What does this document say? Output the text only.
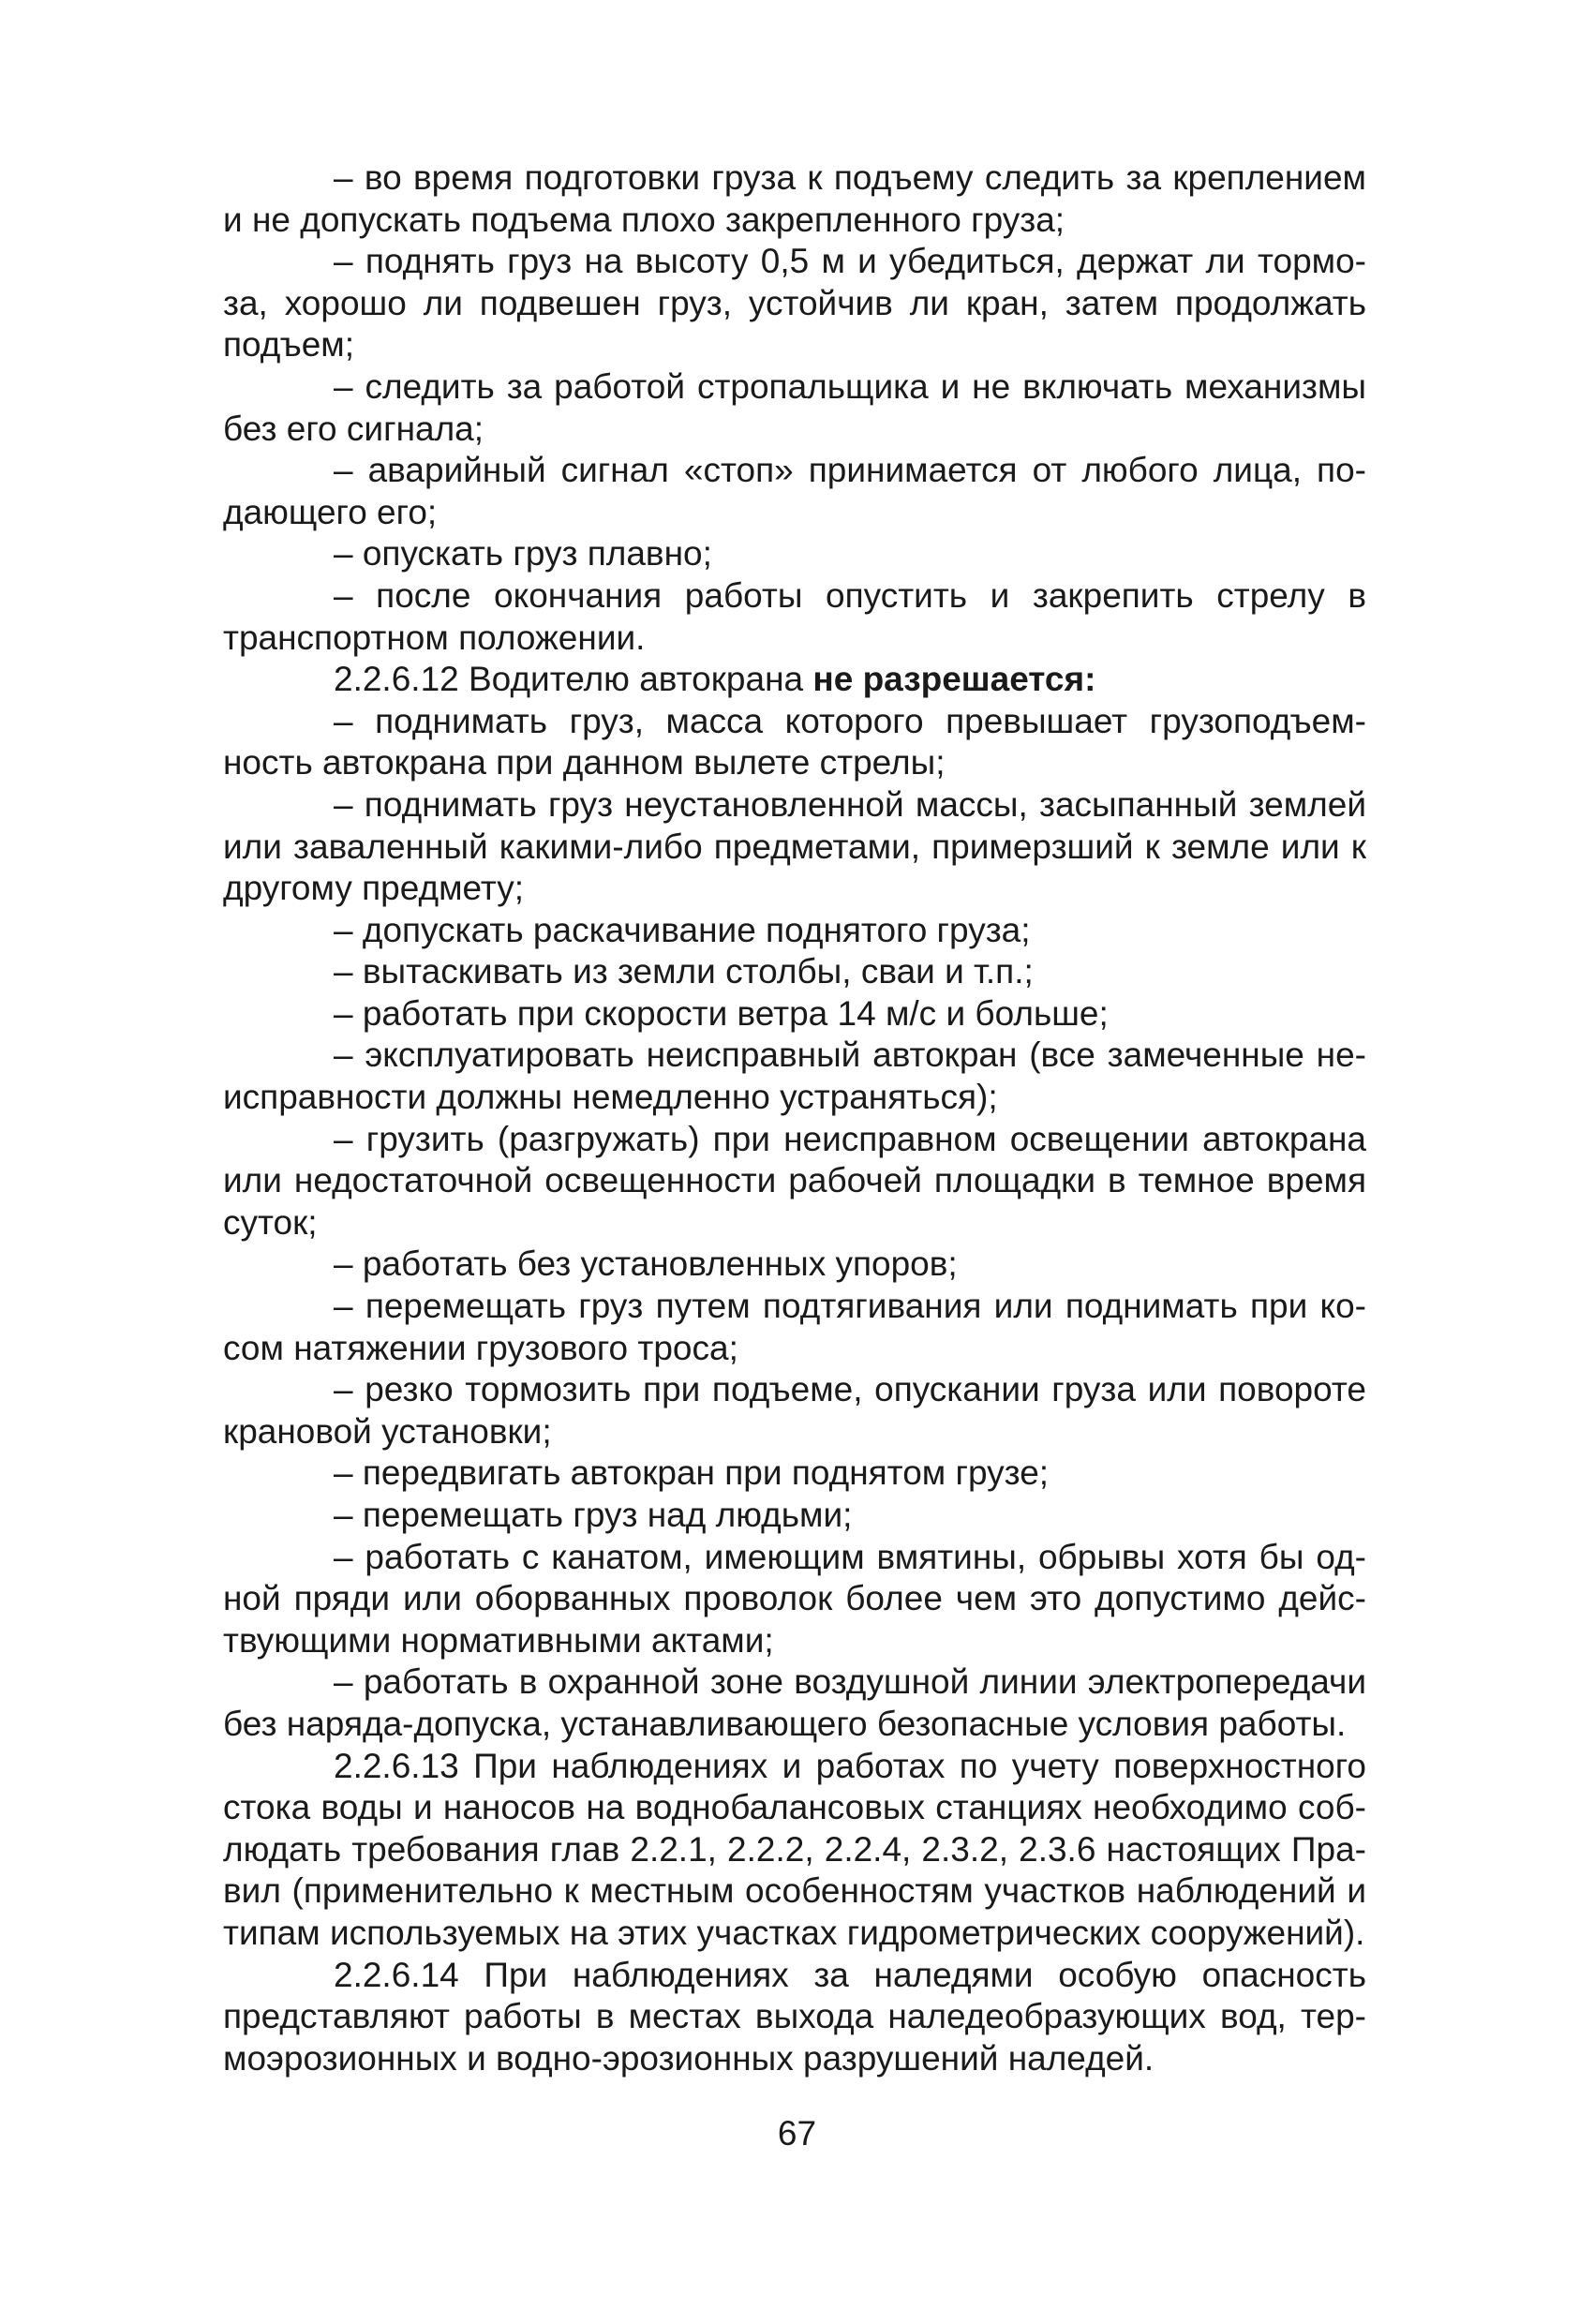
– во время подготовки груза к подъему следить за креплением и не допускать подъема плохо закрепленного груза;

– поднять груз на высоту 0,5 м и убедиться, держат ли тормоза, хорошо ли подвешен груз, устойчив ли кран, затем продолжать подъем;

– следить за работой стропальщика и не включать механизмы без его сигнала;

– аварийный сигнал «стоп» принимается от любого лица, подающего его;

– опускать груз плавно;

– после окончания работы опустить и закрепить стрелу в транспортном положении.

2.2.6.12 Водителю автокрана не разрешается:

– поднимать груз, масса которого превышает грузоподъемность автокрана при данном вылете стрелы;

– поднимать груз неустановленной массы, засыпанный землей или заваленный какими-либо предметами, примерзший к земле или к другому предмету;

– допускать раскачивание поднятого груза;

– вытаскивать из земли столбы, сваи и т.п.;

– работать при скорости ветра 14 м/с и больше;

– эксплуатировать неисправный автокран (все замеченные неисправности должны немедленно устраняться);

– грузить (разгружать) при неисправном освещении автокрана или недостаточной освещенности рабочей площадки в темное время суток;

– работать без установленных упоров;

– перемещать груз путем подтягивания или поднимать при косом натяжении грузового троса;

– резко тормозить при подъеме, опускании груза или повороте крановой установки;

– передвигать автокран при поднятом грузе;

– перемещать груз над людьми;

– работать с канатом, имеющим вмятины, обрывы хотя бы одной пряди или оборванных проволок более чем это допустимо действующими нормативными актами;

– работать в охранной зоне воздушной линии электропередачи без наряда-допуска, устанавливающего безопасные условия работы.

2.2.6.13 При наблюдениях и работах по учету поверхностного стока воды и наносов на воднобалансовых станциях необходимо соблюдать требования глав 2.2.1, 2.2.2, 2.2.4, 2.3.2, 2.3.6 настоящих Правил (применительно к местным особенностям участков наблюдений и типам используемых на этих участках гидрометрических сооружений).

2.2.6.14 При наблюдениях за наледями особую опасность представляют работы в местах выхода наледеобразующих вод, термоэрозионных и водно-эрозионных разрушений наледей.

67
